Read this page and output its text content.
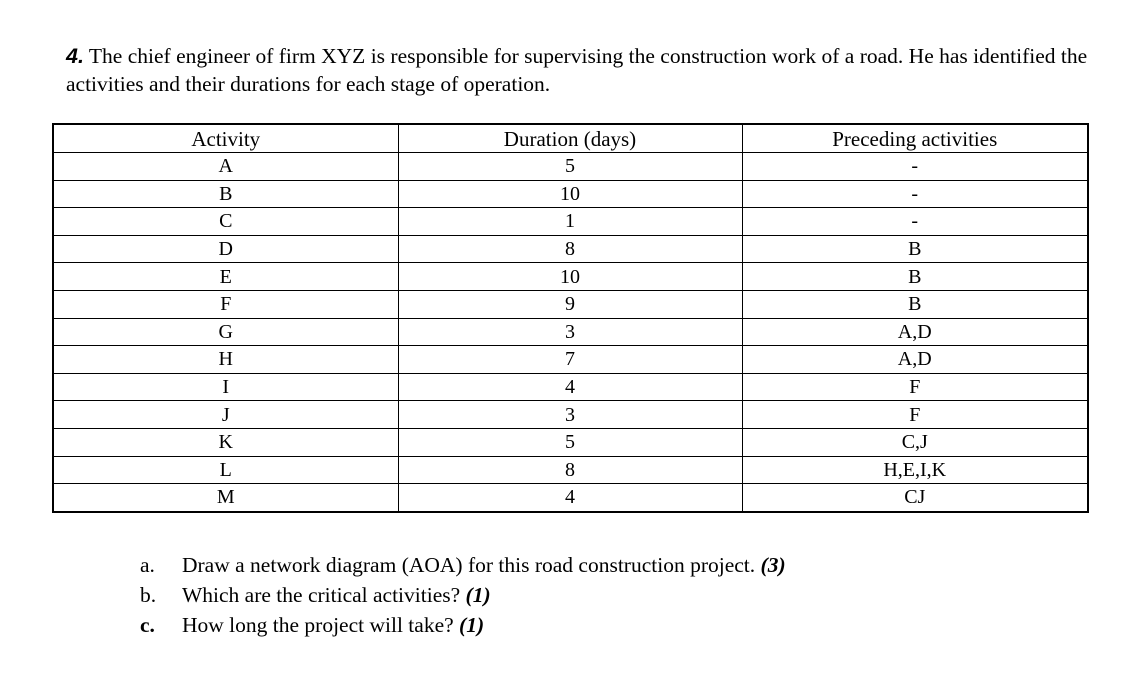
4. The chief engineer of firm XYZ is responsible for supervising the construction work of a road. He has identified the activities and their durations for each stage of operation.
Activity	Duration (days)	Preceding activities
A	5	-
B	10	-
C	1	-
D	8	B
E	10	B
F	9	B
G	3	A,D
H	7	A,D
I	4	F
J	3	F
K	5	C,J
L	8	H,E,I,K
M	4	CJ
a.	Draw a network diagram (AOA) for this road construction project. (3)
b.	Which are the critical activities? (1)
c.	How long the project will take? (1)
